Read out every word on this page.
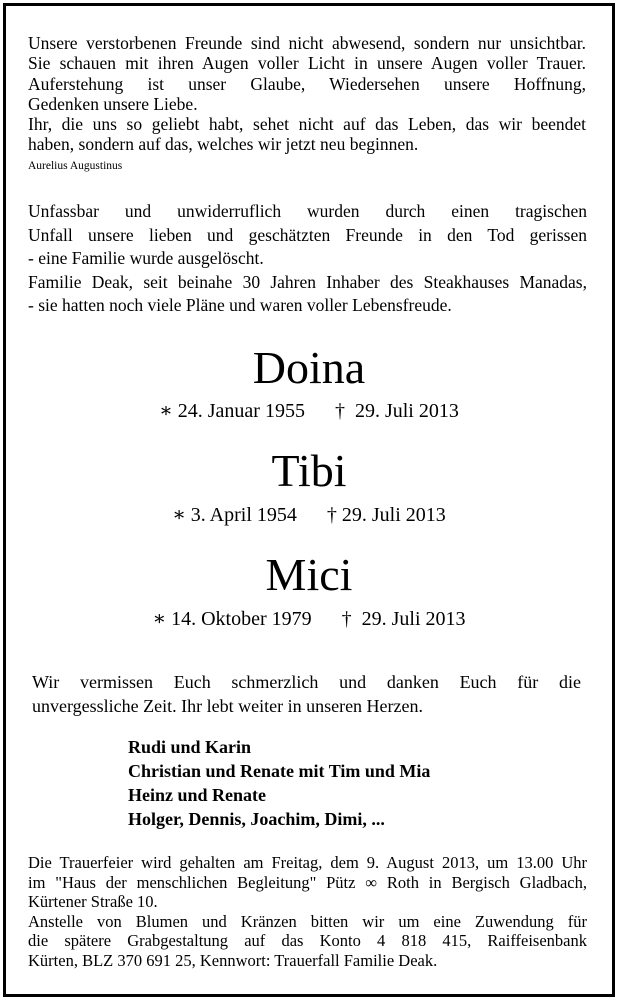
Unsere verstorbenen Freunde sind nicht abwesend, sondern nur unsichtbar.
Sie schauen mit ihren Augen voller Licht in unsere Augen voller Trauer.
Auferstehung ist unser Glaube, Wiedersehen unsere Hoffnung,
Gedenken unsere Liebe.
Ihr, die uns so geliebt habt, sehet nicht auf das Leben, das wir beendet
haben, sondern auf das, welches wir jetzt neu beginnen.
Aurelius Augustinus
Unfassbar und unwiderruflich wurden durch einen tragischen
Unfall unsere lieben und geschätzten Freunde in den Tod gerissen
- eine Familie wurde ausgelöscht.
Familie Deak, seit beinahe 30 Jahren Inhaber des Steakhauses Manadas,
- sie hatten noch viele Pläne und waren voller Lebensfreude.
Doina
∗ 24. Januar 1955      †  29. Juli 2013
Tibi
∗ 3. April 1954      † 29. Juli 2013
Mici
∗ 14. Oktober 1979      †  29. Juli 2013
Wir vermissen Euch schmerzlich und danken Euch für die
unvergessliche Zeit. Ihr lebt weiter in unseren Herzen.
Rudi und Karin
Christian und Renate mit Tim und Mia
Heinz und Renate
Holger, Dennis, Joachim, Dimi, ...
Die Trauerfeier wird gehalten am Freitag, dem 9. August 2013, um 13.00 Uhr
im "Haus der menschlichen Begleitung" Pütz ∞ Roth in Bergisch Gladbach,
Kürtener Straße 10.
Anstelle von Blumen und Kränzen bitten wir um eine Zuwendung für
die spätere Grabgestaltung auf das Konto 4 818 415, Raiffeisenbank
Kürten, BLZ 370 691 25, Kennwort: Trauerfall Familie Deak.
